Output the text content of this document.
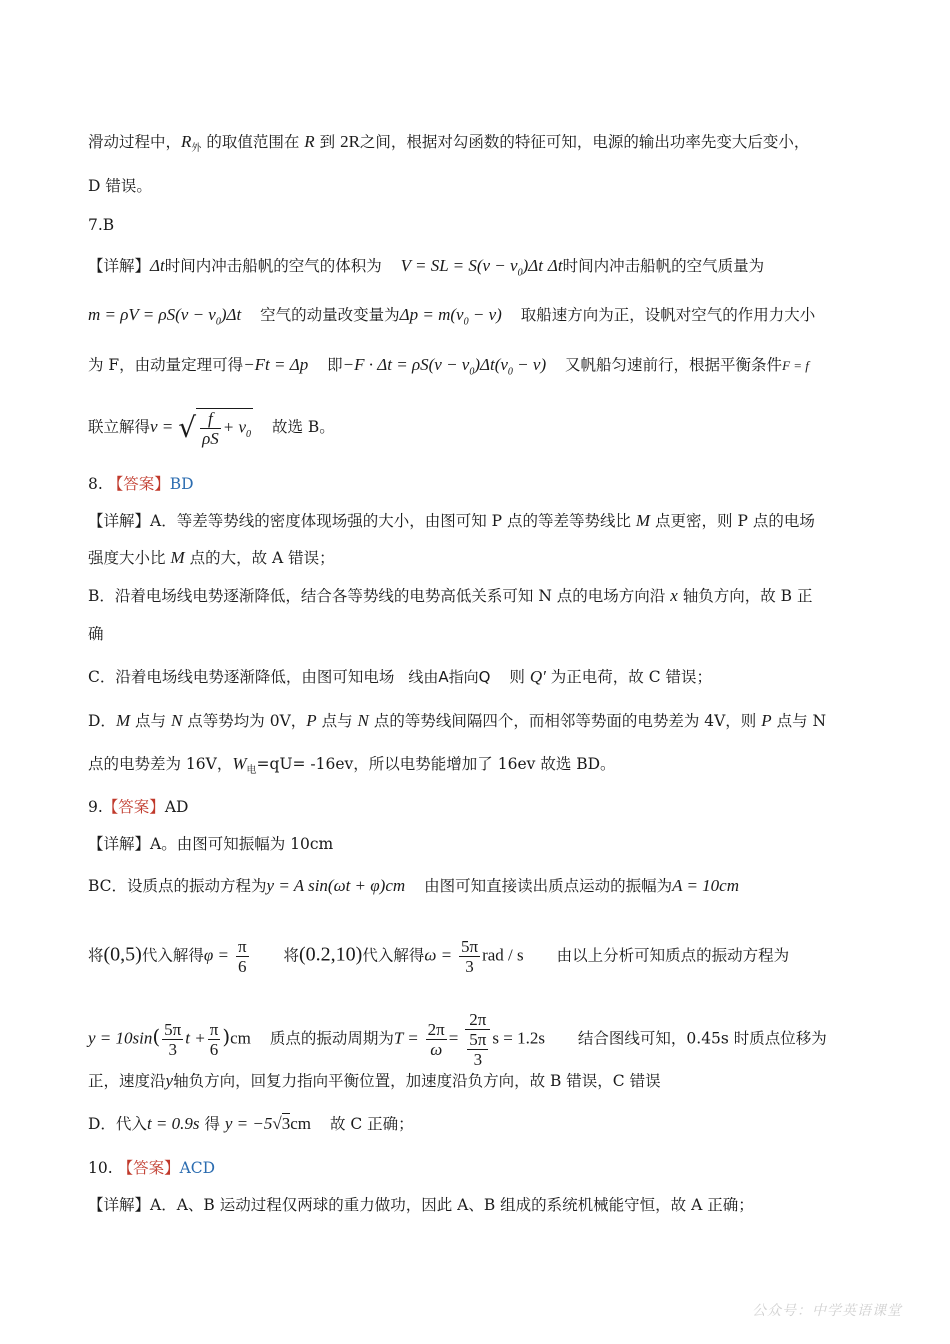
滑动过程中，$R_外$ 的取值范围在 R 到 2R之间，根据对勾函数的特征可知，电源的输出功率先变大后变小，
D 错误。
7.B
【详解】Δt时间内冲击船帆的空气的体积为 V = SL = $S(v - v_0)\Delta t$ Δt时间内冲击船帆的空气质量为
$m = \rho V = \rho S(v - v_0)\Delta t$ 空气的动量改变量为$\Delta p = m(v_0 - v)$ 取船速方向为正，设帆对空气的作用力大小
为 F，由动量定理可得−Ft = Δp 即$-F \cdot \Delta t = \rho S(v - v_0)\Delta t(v_0 - v)$ 又帆船匀速前行，根据平衡条件F = f
联立解得v = √ $\frac{f}{\rho S} + v_0$ 故选 B。
8. 【答案】BD
【详解】A．等差等势线的密度体现场强的大小，由图可知 P 点的等差等势线比 M 点更密，则 P 点的电场
强度大小比 M 点的大，故 A 错误；
B．沿着电场线电势逐渐降低，结合各等势线的电势高低关系可知 N 点的电场方向沿 x 轴负方向，故 B 正
确
C．沿着电场线电势逐渐降低，由图可知电场 线由A指向Q 则 Q′ 为正电荷，故 C 错误；
D．M 点与 N 点等势均为 0V，P 点与 N 点的等势线间隔四个，而相邻等势面的电势差为 4V，则 P 点与 N
点的电势差为 16V，$W_电=qU= -16ev$，所以电势能增加了 16ev 故选 BD。
9.【答案】AD
【详解】A。由图可知振幅为 10cm
BC．设质点的振动方程为y = A sin(ωt + φ)cm 由图可知直接读出质点运动的振幅为A = 10cm
将(0,5)代入解得$\varphi = \frac{\pi}{6}$ 将(0.2,10)代入解得$\omega = \frac{5\pi}{3}$ rad / s 由以上分析可知质点的振动方程为
$y = 10\sin( \frac{5\pi}{3}$ $t + \frac{\pi}{6} )cm$ 质点的振动周期为$T = \frac{2\pi}{\omega} = \frac{2\pi}{\frac{5\pi}{3}}$ s = 1.2s 结合图线可知，0.45s 时质点位移为
正，速度沿y轴负方向，回复力指向平衡位置，加速度沿负方向，故 B 错误，C 错误
D．代入t = 0.9s 得 y = −5√3cm 故 C 正确；
10. 【答案】ACD
【详解】A．A、B 运动过程仅两球的重力做功，因此 A、B 组成的系统机械能守恒，故 A 正确；
公众号：中学英语课堂
